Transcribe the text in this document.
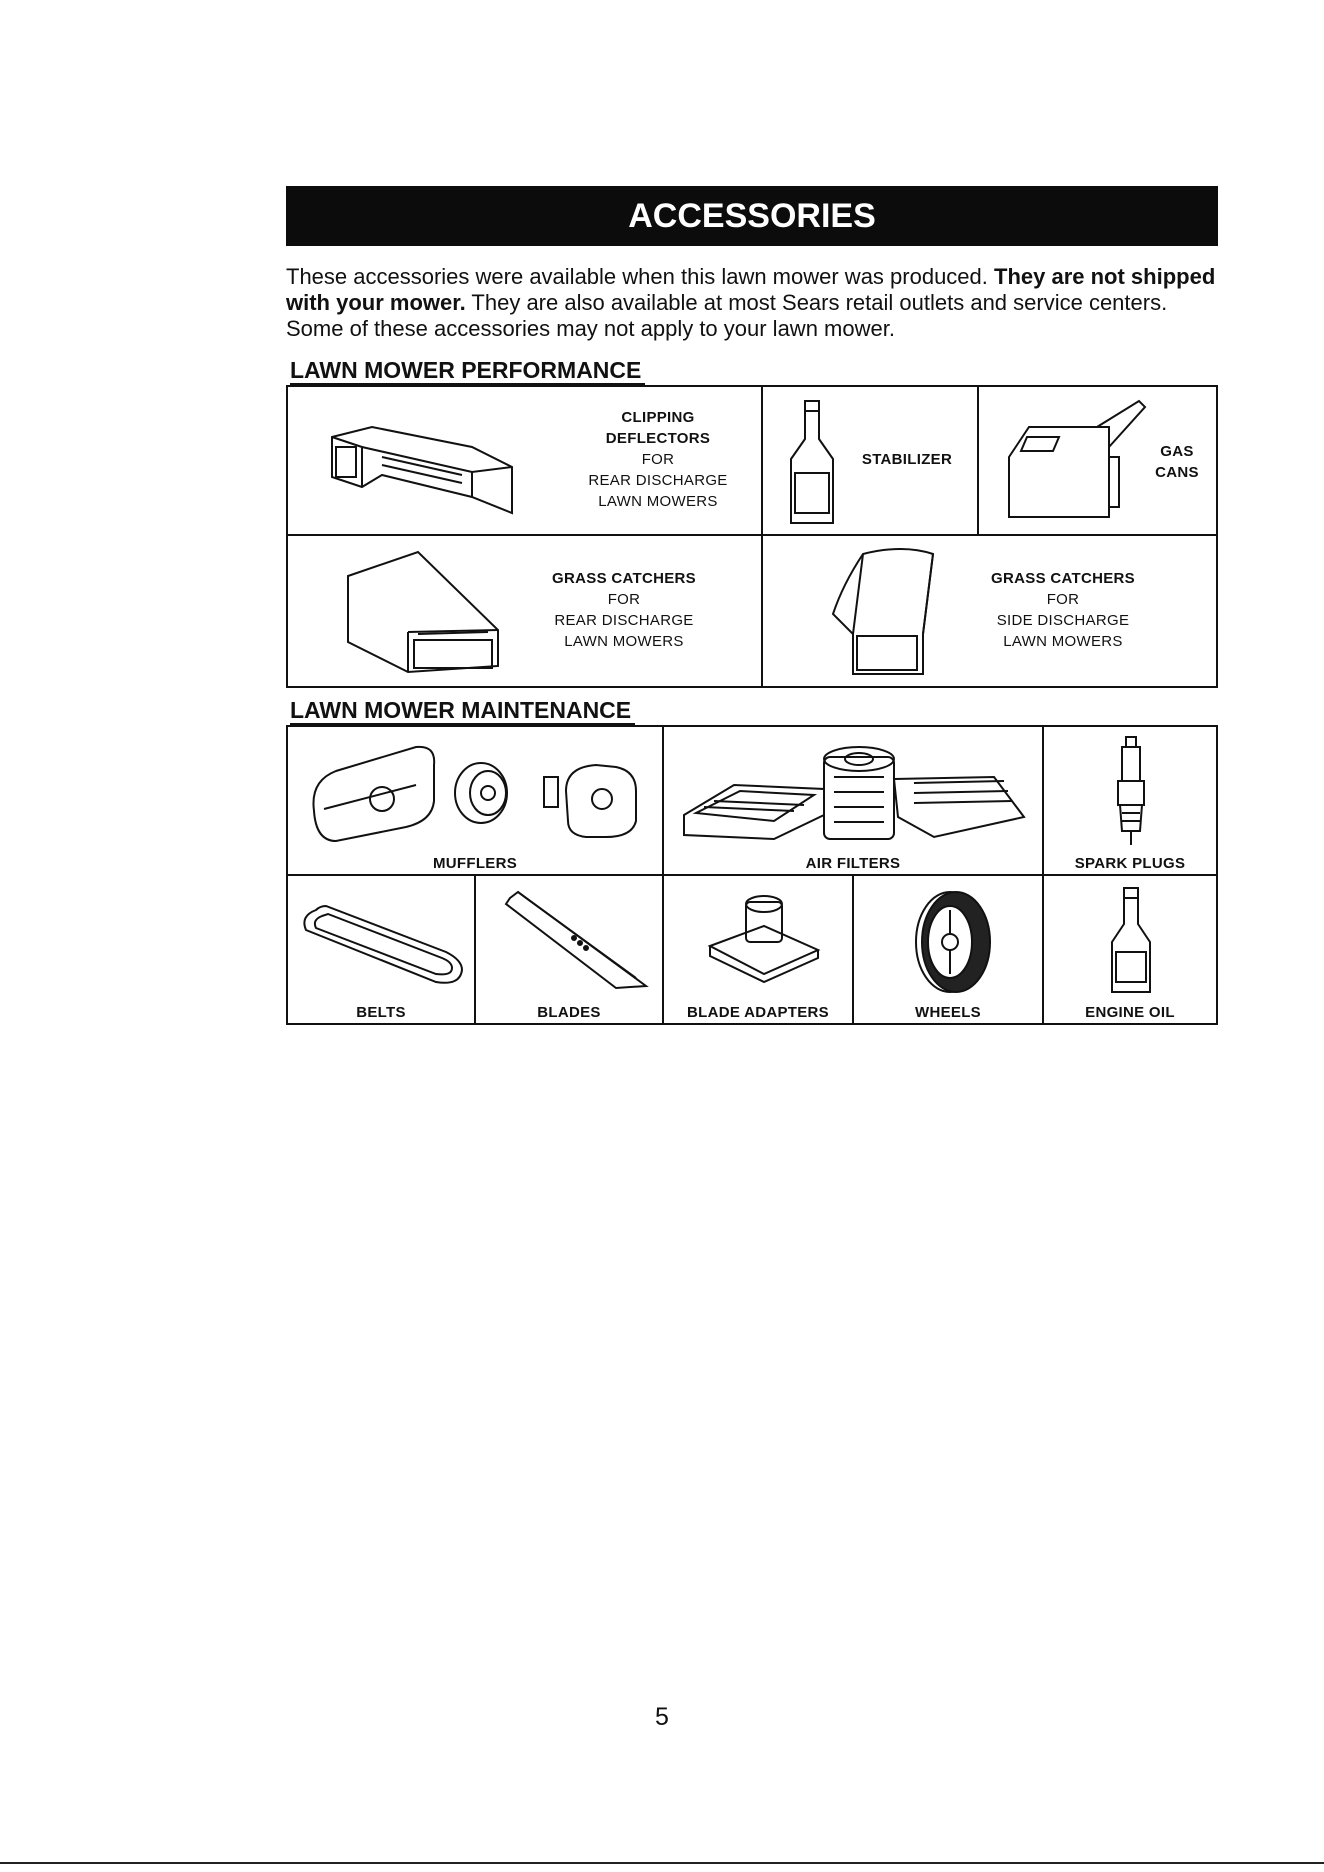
ACCESSORIES
These accessories were available when this lawn mower was produced. They are not shipped with your mower. They are also available at most Sears retail outlets and service centers. Some of these accessories may not apply to your lawn mower.
LAWN MOWER PERFORMANCE
CLIPPING
DEFLECTORS
FOR
REAR DISCHARGE
LAWN MOWERS
STABILIZER	GAS
CANS
GRASS CATCHERS
FOR
REAR DISCHARGE
LAWN MOWERS
GRASS CATCHERS
FOR
SIDE DISCHARGE
LAWN MOWERS
LAWN MOWER MAINTENANCE
MUFFLERS	AIR FILTERS	SPARK PLUGS
BELTS	BLADES	BLADE ADAPTERS	WHEELS	ENGINE OIL
5
